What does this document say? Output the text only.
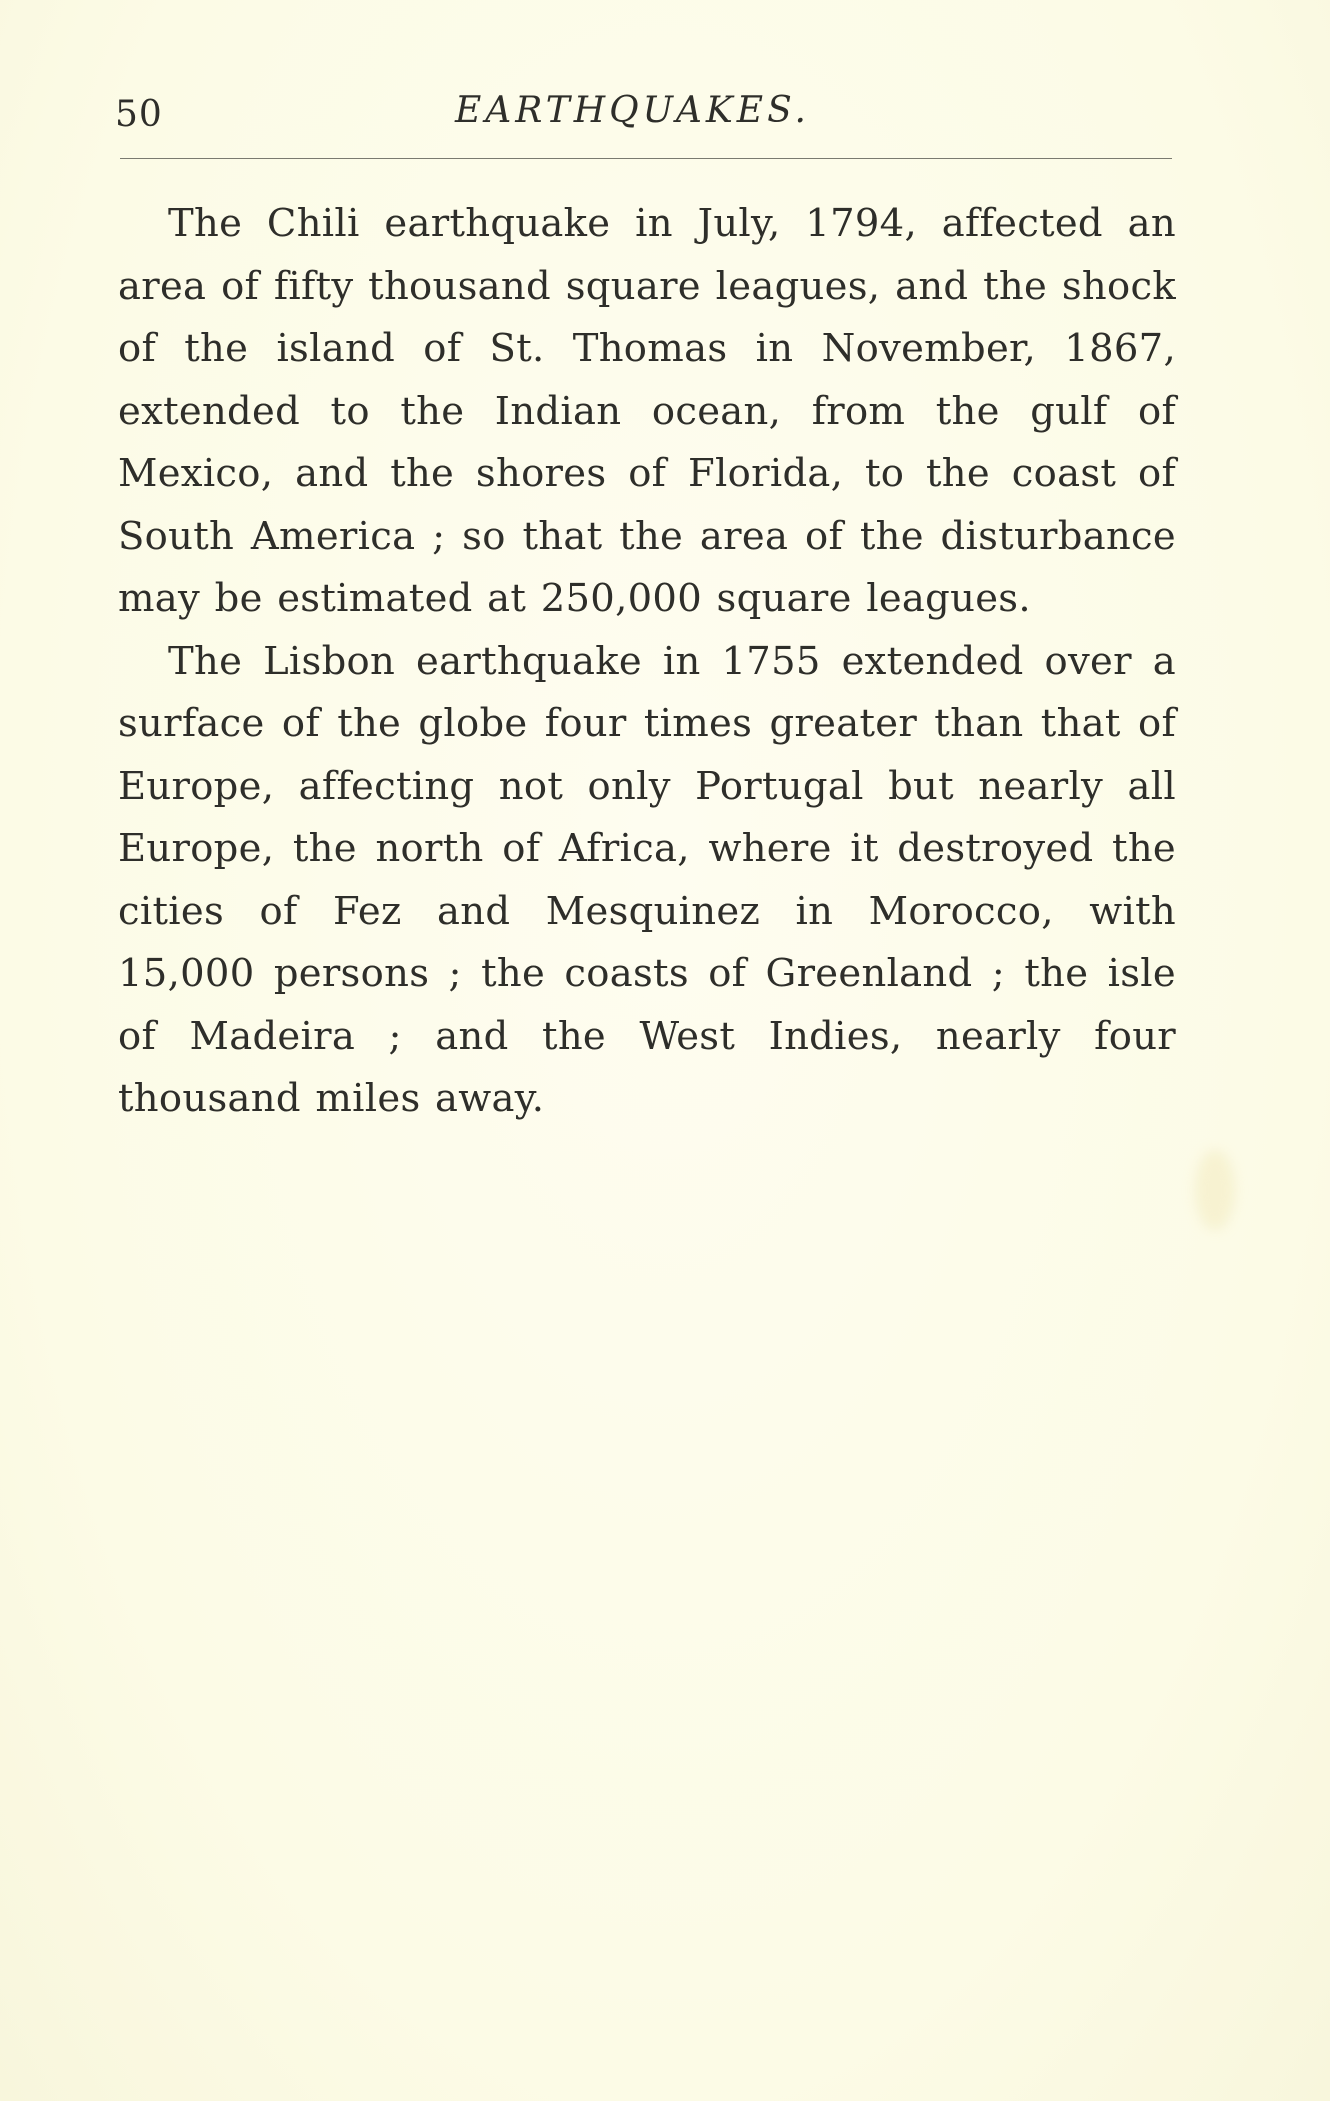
50	EARTHQUAKES.

The Chili earthquake in July, 1794, affected an area of fifty thousand square leagues, and the shock of the island of St. Thomas in November, 1867, extended to the Indian ocean, from the gulf of Mexico, and the shores of Florida, to the coast of South America ; so that the area of the disturbance may be estimated at 250,000 square leagues.

The Lisbon earthquake in 1755 extended over a surface of the globe four times greater than that of Europe, affecting not only Portugal but nearly all Europe, the north of Africa, where it destroyed the cities of Fez and Mesquinez in Morocco, with 15,000 persons ; the coasts of Greenland ; the isle of Madeira ; and the West Indies, nearly four thousand miles away.
